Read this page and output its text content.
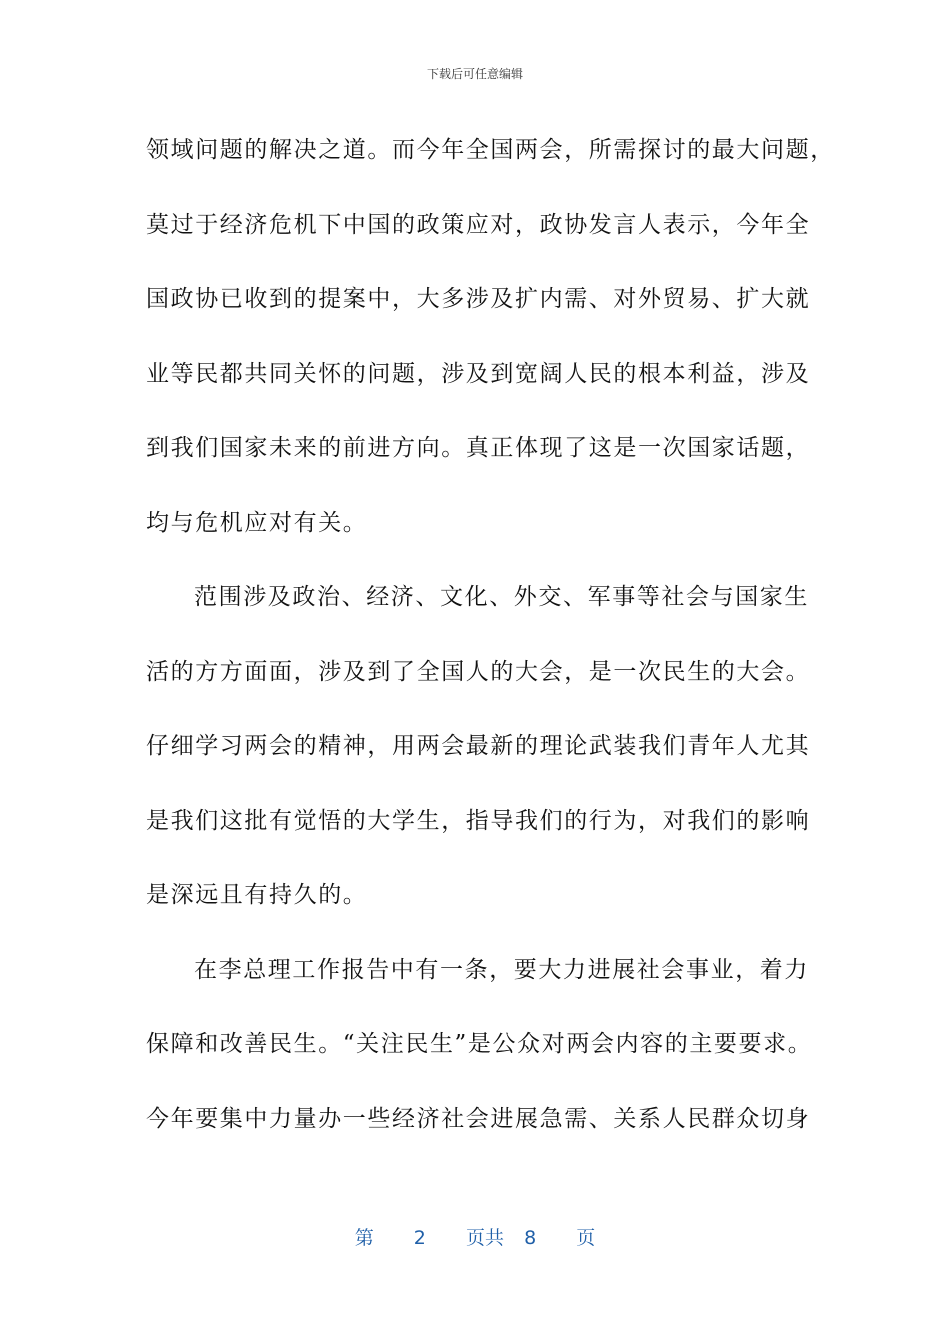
下载后可任意编辑
领域问题的解决之道。而今年全国两会，所需探讨的最大问题，
莫过于经济危机下中国的政策应对，政协发言人表示，今年全
国政协已收到的提案中，大多涉及扩内需、对外贸易、扩大就
业等民都共同关怀的问题，涉及到宽阔人民的根本利益，涉及
到我们国家未来的前进方向。真正体现了这是一次国家话题，
均与危机应对有关。
范围涉及政治、经济、文化、外交、军事等社会与国家生
活的方方面面，涉及到了全国人的大会，是一次民生的大会。
仔细学习两会的精神，用两会最新的理论武装我们青年人尤其
是我们这批有觉悟的大学生，指导我们的行为，对我们的影响
是深远且有持久的。
在李总理工作报告中有一条，要大力进展社会事业，着力
保障和改善民生。“关注民生”是公众对两会内容的主要要求。
今年要集中力量办一些经济社会进展急需、关系人民群众切身
第 2 页共 8 页
